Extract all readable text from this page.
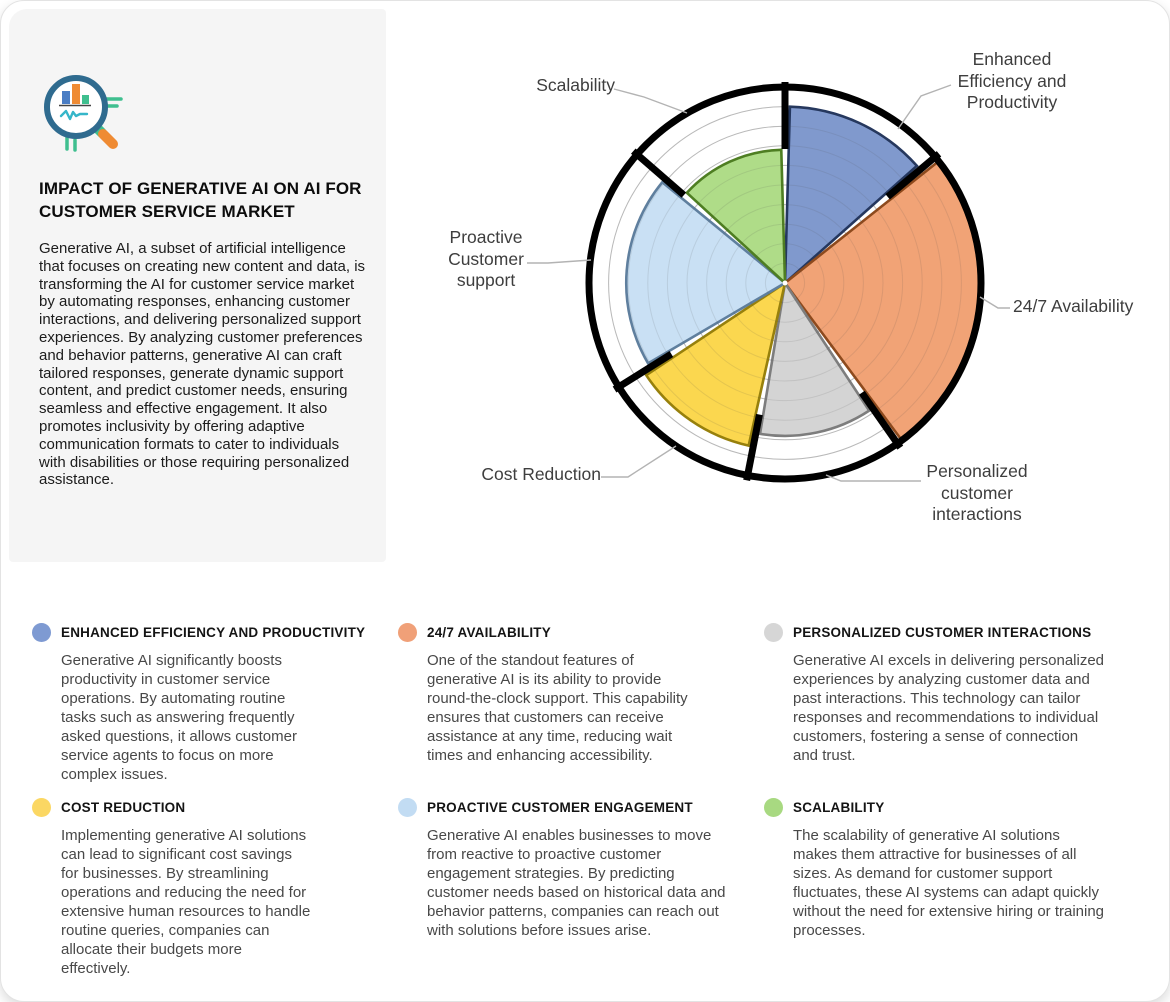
IMPACT OF GENERATIVE AI ON AI FOR CUSTOMER SERVICE MARKET

Generative AI, a subset of artificial intelligence that focuses on creating new content and data, is transforming the AI for customer service market by automating responses, enhancing customer interactions, and delivering personalized support experiences. By analyzing customer preferences and behavior patterns, generative AI can craft tailored responses, generate dynamic support content, and predict customer needs, ensuring seamless and effective engagement. It also promotes inclusivity by offering adaptive communication formats to cater to individuals with disabilities or those requiring personalized assistance.

Enhanced Efficiency and Productivity
24/7 Availability
Personalized customer interactions
Cost Reduction
Proactive Customer support
Scalability
ENHANCED EFFICIENCY AND PRODUCTIVITY

Generative AI significantly boosts productivity in customer service operations. By automating routine tasks such as answering frequently asked questions, it allows customer service agents to focus on more complex issues.

24/7 AVAILABILITY

One of the standout features of generative AI is its ability to provide round-the-clock support. This capability ensures that customers can receive assistance at any time, reducing wait times and enhancing accessibility.

PERSONALIZED CUSTOMER INTERACTIONS

Generative AI excels in delivering personalized experiences by analyzing customer data and past interactions. This technology can tailor responses and recommendations to individual customers, fostering a sense of connection and trust.

COST REDUCTION

Implementing generative AI solutions can lead to significant cost savings for businesses. By streamlining operations and reducing the need for extensive human resources to handle routine queries, companies can allocate their budgets more effectively.

PROACTIVE CUSTOMER ENGAGEMENT

Generative AI enables businesses to move from reactive to proactive customer engagement strategies. By predicting customer needs based on historical data and behavior patterns, companies can reach out with solutions before issues arise.

SCALABILITY

The scalability of generative AI solutions makes them attractive for businesses of all sizes. As demand for customer support fluctuates, these AI systems can adapt quickly without the need for extensive hiring or training processes.
